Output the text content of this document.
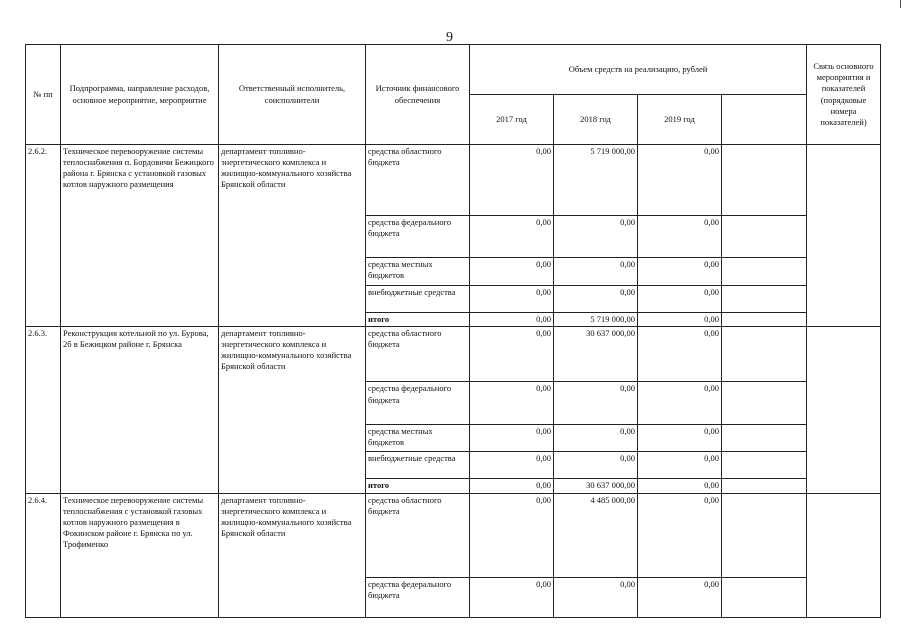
9
№ пп	Подпрограмма, направление расходов, основное мероприятие, мероприятие	Ответственный исполнитель, соисполнители	Источник финансового обеспечения	Объем средств на реализацию, рублей				Связь основного мероприятия и показателей (порядковые номера показателей)
				2017 год	2018 год	2019 год		
2.6.2.	Техническое перевооружение системы теплоснабжения п. Бордовичи Бежицкого района г. Брянска с установкой газовых котлов наружного размещения	департамент топливно-энергетического комплекса и жилищно-коммунального хозяйства Брянской области	средства областного бюджета	0,00	5 719 000,00	0,00		
			средства федерального бюджета	0,00	0,00	0,00		
			средства местных бюджетов	0,00	0,00	0,00		
			внебюджетные средства	0,00	0,00	0,00		
			итого	0,00	5 719 000,00	0,00		
2.6.3.	Реконструкция котельной по ул. Бурова, 2б в Бежицком районе г. Брянска	департамент топливно-энергетического комплекса и жилищно-коммунального хозяйства Брянской области	средства областного бюджета	0,00	30 637 000,00	0,00		
			средства федерального бюджета	0,00	0,00	0,00		
			средства местных бюджетов	0,00	0,00	0,00		
			внебюджетные средства	0,00	0,00	0,00		
			итого	0,00	30 637 000,00	0,00		
2.6.4.	Техническое перевооружение системы теплоснабжения с установкой газовых котлов наружного размещения в Фокинском районе г. Брянска по ул. Трофименко	департамент топливно-энергетического комплекса и жилищно-коммунального хозяйства Брянской области	средства областного бюджета	0,00	4 485 000,00	0,00		
			средства федерального бюджета	0,00	0,00	0,00		
